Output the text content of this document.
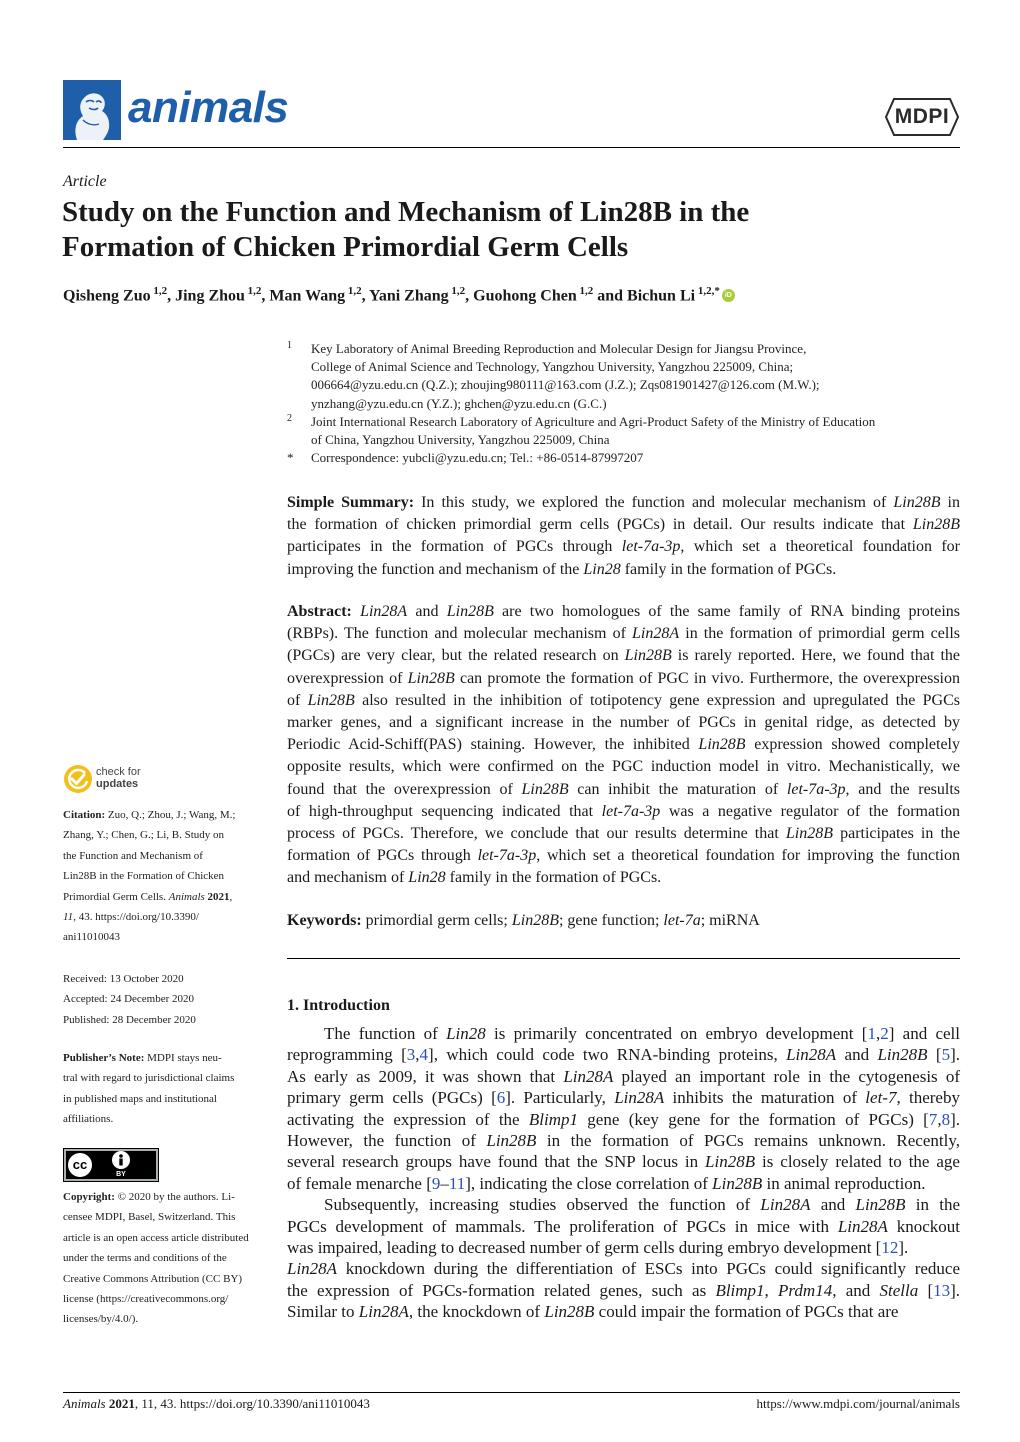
animals	MDPI
Article
Study on the Function and Mechanism of Lin28B in the
Formation of Chicken Primordial Germ Cells
Qisheng Zuo $^{1,2}$, Jing Zhou $^{1,2}$, Man Wang $^{1,2}$, Yani Zhang $^{1,2}$, Guohong Chen $^{1,2}$ and Bichun Li $^{1,2,*}$ iD
1 Key Laboratory of Animal Breeding Reproduction and Molecular Design for Jiangsu Province,
College of Animal Science and Technology, Yangzhou University, Yangzhou 225009, China;
006664@yzu.edu.cn (Q.Z.); zhoujing980111@163.com (J.Z.); Zqs081901427@126.com (M.W.);
ynzhang@yzu.edu.cn (Y.Z.); ghchen@yzu.edu.cn (G.C.)
2 Joint International Research Laboratory of Agriculture and Agri-Product Safety of the Ministry of Education
of China, Yangzhou University, Yangzhou 225009, China
* Correspondence: yubcli@yzu.edu.cn; Tel.: +86-0514-87997207
Simple Summary: In this study, we explored the function and molecular mechanism of Lin28B in
the formation of chicken primordial germ cells (PGCs) in detail. Our results indicate that Lin28B
participates in the formation of PGCs through let-7a-3p, which set a theoretical foundation for
improving the function and mechanism of the Lin28 family in the formation of PGCs.
Abstract: Lin28A and Lin28B are two homologues of the same family of RNA binding proteins
(RBPs). The function and molecular mechanism of Lin28A in the formation of primordial germ cells
(PGCs) are very clear, but the related research on Lin28B is rarely reported. Here, we found that the
overexpression of Lin28B can promote the formation of PGC in vivo. Furthermore, the overexpression
of Lin28B also resulted in the inhibition of totipotency gene expression and upregulated the PGCs
marker genes, and a significant increase in the number of PGCs in genital ridge, as detected by
Periodic Acid-Schiff(PAS) staining. However, the inhibited Lin28B expression showed completely
opposite results, which were confirmed on the PGC induction model in vitro. Mechanistically, we
found that the overexpression of Lin28B can inhibit the maturation of let-7a-3p, and the results
of high-throughput sequencing indicated that let-7a-3p was a negative regulator of the formation
process of PGCs. Therefore, we conclude that our results determine that Lin28B participates in the
formation of PGCs through let-7a-3p, which set a theoretical foundation for improving the function
and mechanism of Lin28 family in the formation of PGCs.
Keywords: primordial germ cells; Lin28B; gene function; let-7a; miRNA
1. Introduction
The function of Lin28 is primarily concentrated on embryo development [1,2] and cell
reprogramming [3,4], which could code two RNA-binding proteins, Lin28A and Lin28B [5].
As early as 2009, it was shown that Lin28A played an important role in the cytogenesis of
primary germ cells (PGCs) [6]. Particularly, Lin28A inhibits the maturation of let-7, thereby
activating the expression of the Blimp1 gene (key gene for the formation of PGCs) [7,8].
However, the function of Lin28B in the formation of PGCs remains unknown. Recently,
several research groups have found that the SNP locus in Lin28B is closely related to the age
of female menarche [9–11], indicating the close correlation of Lin28B in animal reproduction.
Subsequently, increasing studies observed the function of Lin28A and Lin28B in the
PGCs development of mammals. The proliferation of PGCs in mice with Lin28A knockout
was impaired, leading to decreased number of germ cells during embryo development [12].
Lin28A knockdown during the differentiation of ESCs into PGCs could significantly reduce
the expression of PGCs-formation related genes, such as Blimp1, Prdm14, and Stella [13].
Similar to Lin28A, the knockdown of Lin28B could impair the formation of PGCs that are
check for
updates
Citation: Zuo, Q.; Zhou, J.; Wang, M.;
Zhang, Y.; Chen, G.; Li, B. Study on
the Function and Mechanism of
Lin28B in the Formation of Chicken
Primordial Germ Cells. Animals 2021,
11, 43. https://doi.org/10.3390/
ani11010043
Received: 13 October 2020
Accepted: 24 December 2020
Published: 28 December 2020
Publisher’s Note: MDPI stays neu-
tral with regard to jurisdictional claims
in published maps and institutional
affiliations.
cc
BY
Copyright: © 2020 by the authors. Li-
censee MDPI, Basel, Switzerland. This
article is an open access article distributed
under the terms and conditions of the
Creative Commons Attribution (CC BY)
license (https://creativecommons.org/
licenses/by/4.0/).
Animals 2021, 11, 43. https://doi.org/10.3390/ani11010043	https://www.mdpi.com/journal/animals
